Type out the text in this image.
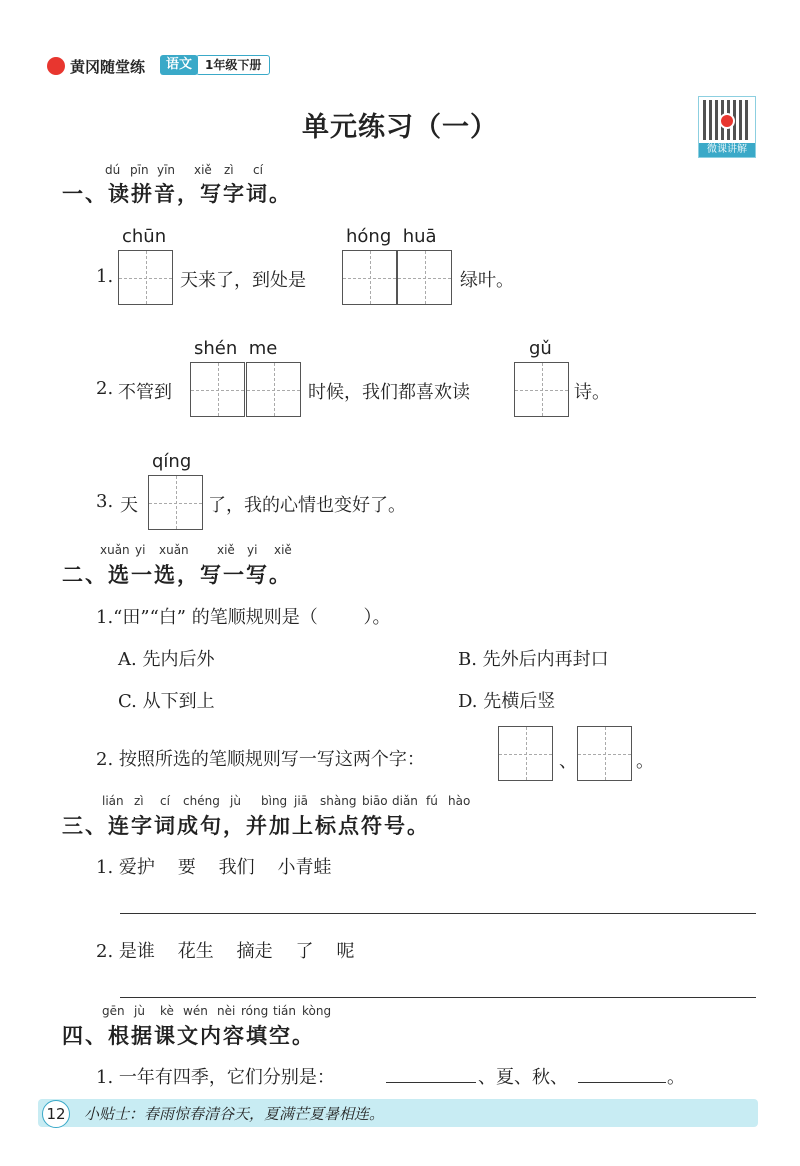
黄冈随堂练	语文	1年级下册
单元练习（一）
微课讲解
dú pīn yīn xiě zì cí
一、读拼音，写字词。
chūn
1.	天来了，到处是
hóng  huā
绿叶。
shén  me
2. 不管到	时候，我们都喜欢读
gǔ
诗。
qíng
3. 天	了，我的心情也变好了。
xuǎn yi xuǎn xiě yi xiě
二、选一选，写一写。
1.“田”“白” 的笔顺规则是（        ）。
A. 先内后外	B. 先外后内再封口
C. 从下到上	D. 先横后竖
2. 按照所选的笔顺规则写一写这两个字：	、	。
lián zì cí chéng jù bìng jiā shàng biāo diǎn fú hào
三、连字词成句，并加上标点符号。
1. 爱护    要    我们    小青蛙
2. 是谁    花生    摘走    了    呢
gēn jù kè wén nèi róng tián kòng
四、根据课文内容填空。
1. 一年有四季，它们分别是：	、夏、秋、	。
12 小贴士：春雨惊春清谷天，夏满芒夏暑相连。
